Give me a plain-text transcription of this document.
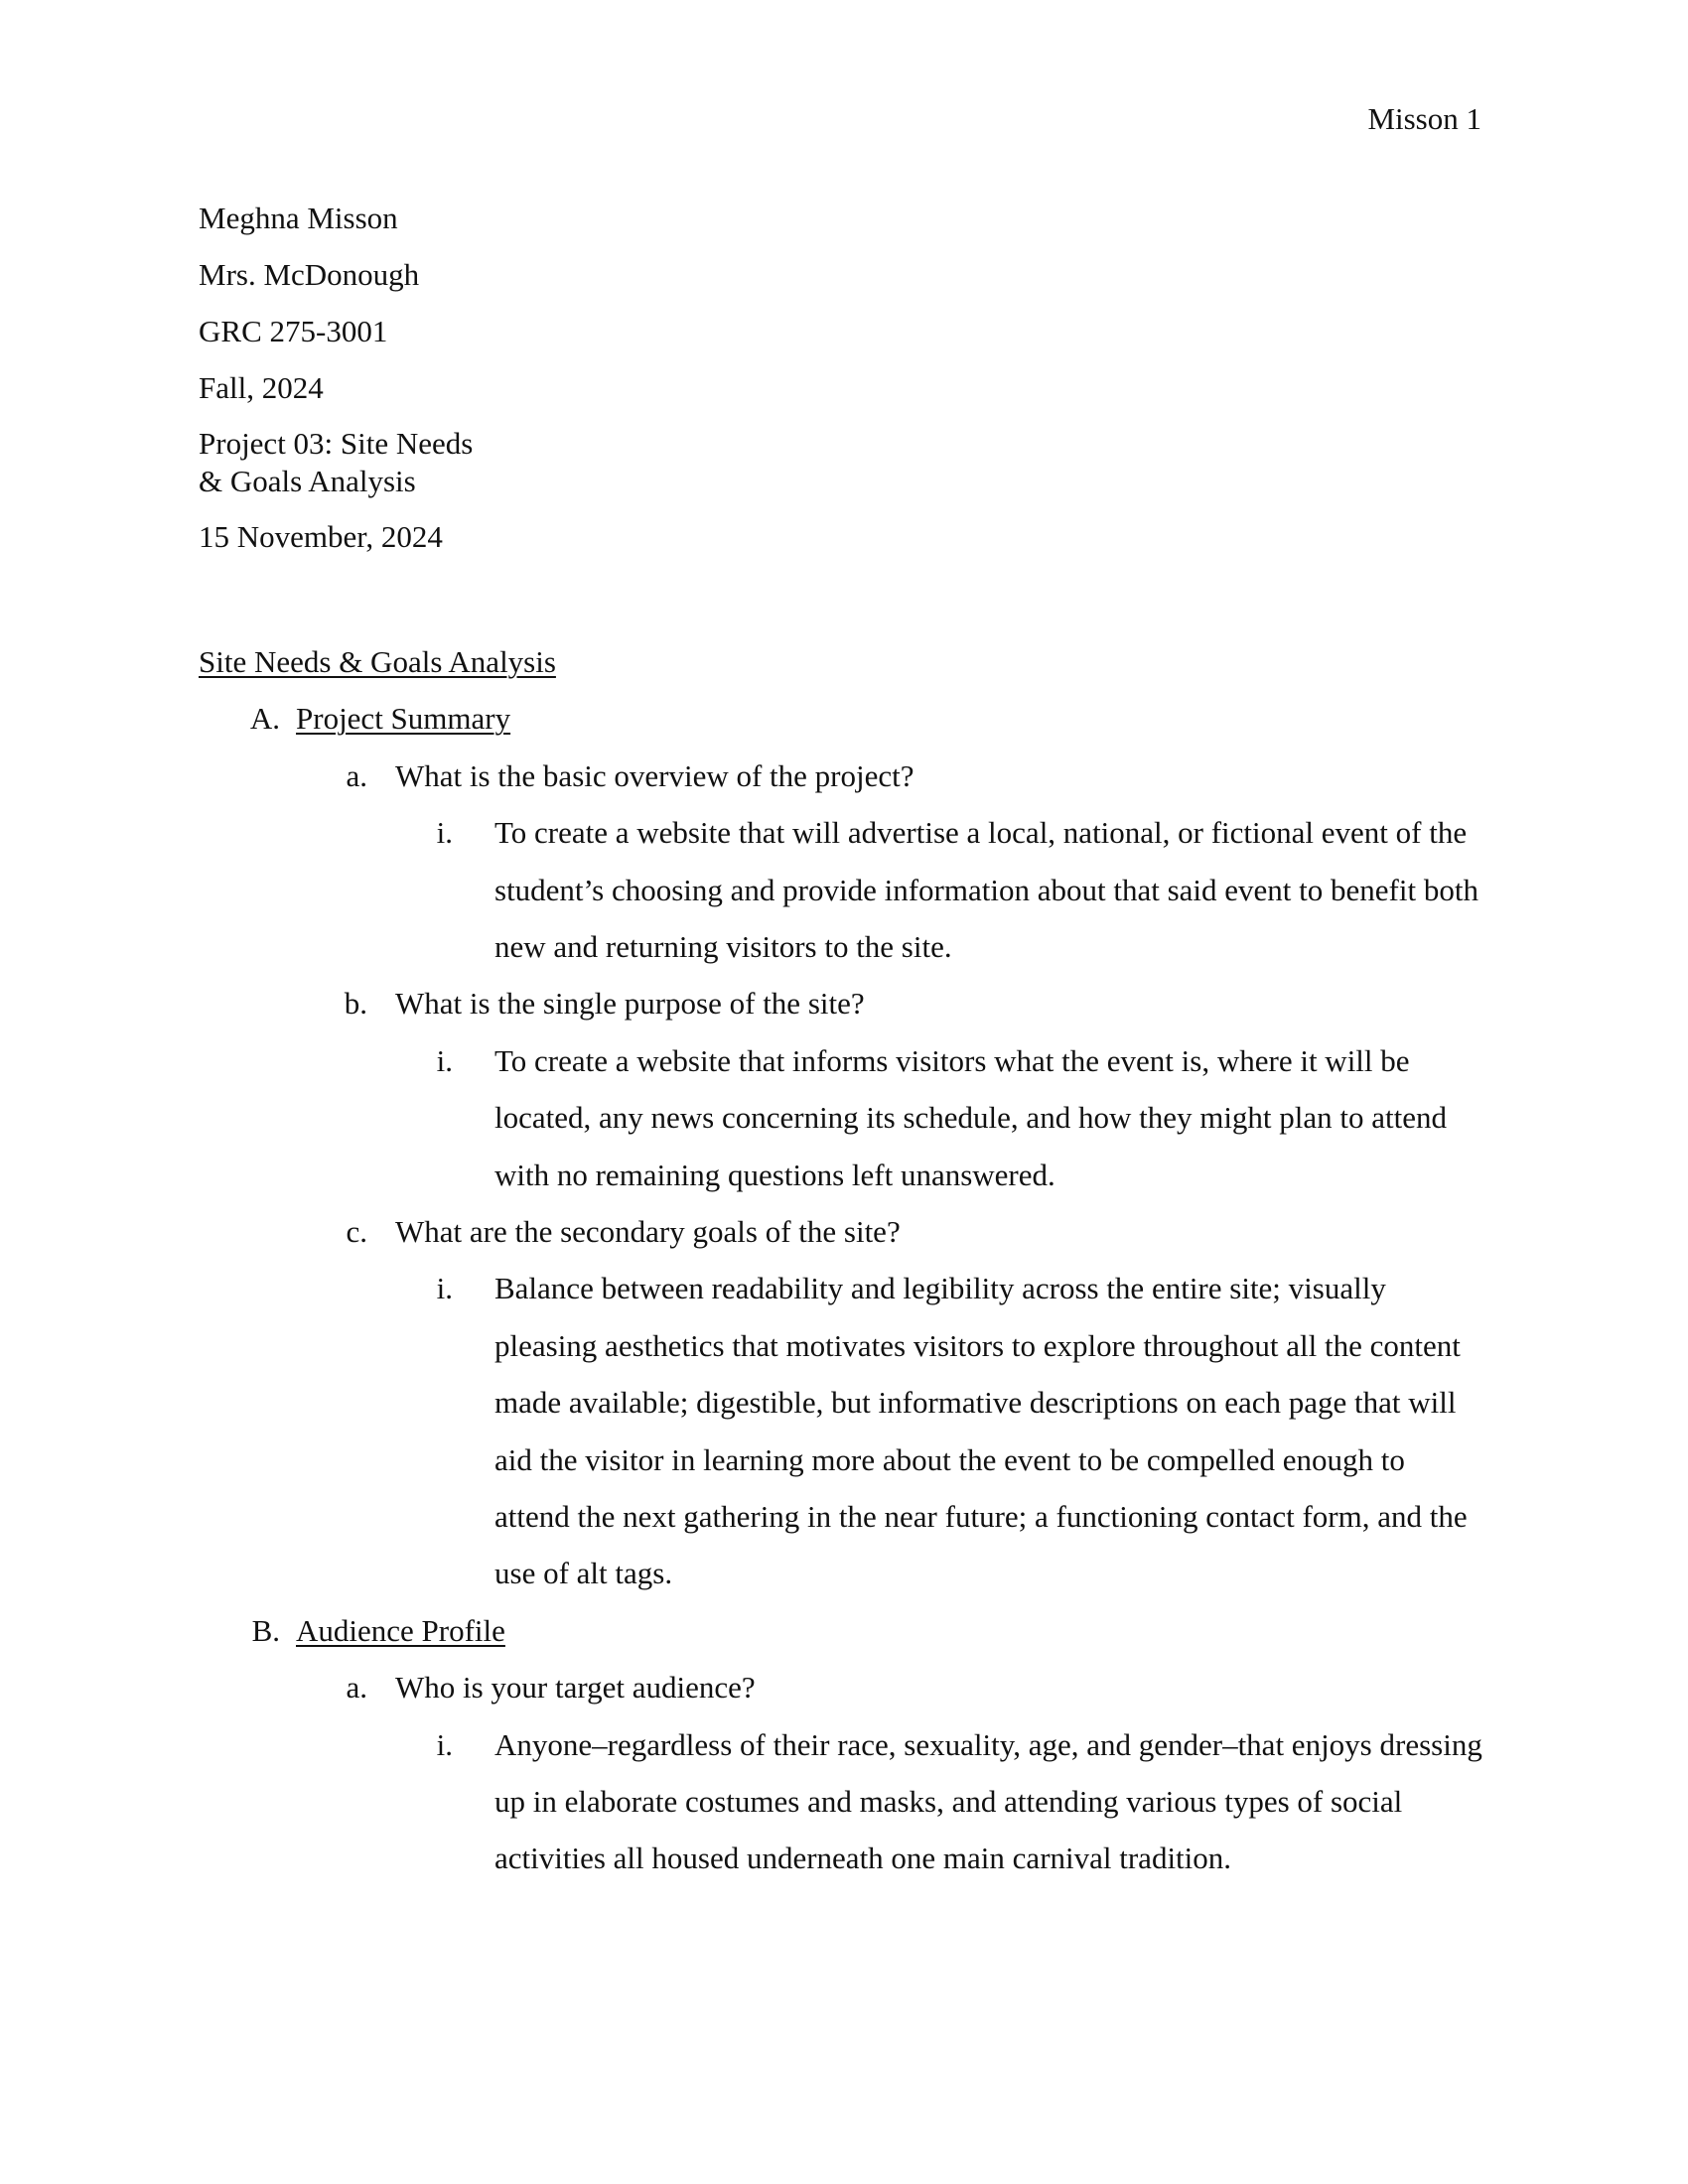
Misson 1
Meghna Misson
Mrs. McDonough
GRC 275-3001
Fall, 2024
Project 03: Site Needs
& Goals Analysis
15 November, 2024
Site Needs & Goals Analysis
A. Project Summary
a. What is the basic overview of the project?
i. To create a website that will advertise a local, national, or fictional event of the student’s choosing and provide information about that said event to benefit both new and returning visitors to the site.
b. What is the single purpose of the site?
i. To create a website that informs visitors what the event is, where it will be located, any news concerning its schedule, and how they might plan to attend with no remaining questions left unanswered.
c. What are the secondary goals of the site?
i. Balance between readability and legibility across the entire site; visually pleasing aesthetics that motivates visitors to explore throughout all the content made available; digestible, but informative descriptions on each page that will aid the visitor in learning more about the event to be compelled enough to attend the next gathering in the near future; a functioning contact form, and the use of alt tags.
B. Audience Profile
a. Who is your target audience?
i. Anyone–regardless of their race, sexuality, age, and gender–that enjoys dressing up in elaborate costumes and masks, and attending various types of social activities all housed underneath one main carnival tradition.
